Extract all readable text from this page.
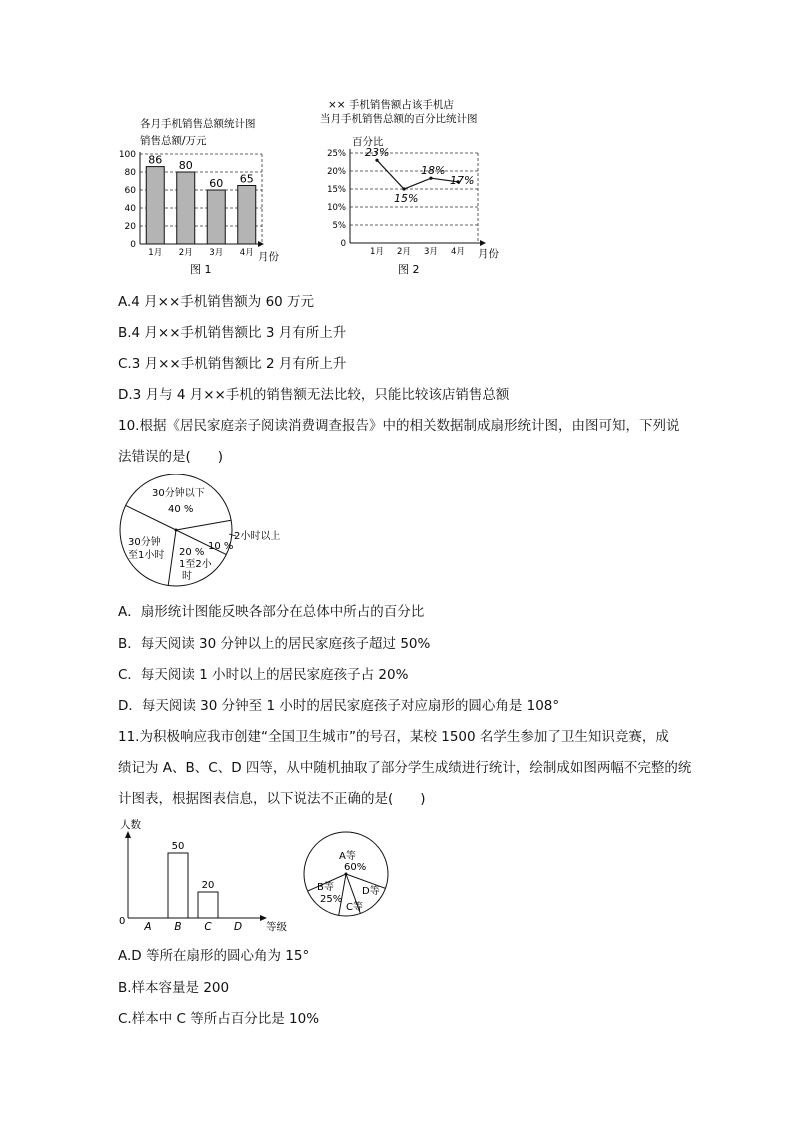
各月手机销售总额统计图
销售总额/万元
0
20
40
60
80
100 86 80
60 65
1月 2月 3月 4月 月份
图 1
×× 手机销售额占该手机店
当月手机销售总额的百分比统计图
百分比
0
5%
10%
15%
20%
25% 23%
15%
18%
17%
1月 2月 3月 4月 月份
图 2
A.4 月××手机销售额为 60 万元
B.4 月××手机销售额比 3 月有所上升
C.3 月××手机销售额比 2 月有所上升
D.3 月与 4 月××手机的销售额无法比较，只能比较该店销售总额
10.根据《居民家庭亲子阅读消费调查报告》中的相关数据制成扇形统计图，由图可知，下列说
法错误的是(　　)
30分钟以下
40 %
2小时以上
10 %
20 %
1至2小
时
30分钟
至1小时
A．扇形统计图能反映各部分在总体中所占的百分比
B．每天阅读 30 分钟以上的居民家庭孩子超过 50%
C．每天阅读 1 小时以上的居民家庭孩子占 20%
D．每天阅读 30 分钟至 1 小时的居民家庭孩子对应扇形的圆心角是 108°
11.为积极响应我市创建“全国卫生城市”的号召，某校 1500 名学生参加了卫生知识竞赛，成
绩记为 A、B、C、D 四等，从中随机抽取了部分学生成绩进行统计，绘制成如图两幅不完整的统
计图表，根据图表信息，以下说法不正确的是(　　)
人数
0
50
20
A B C D 等级
A等
60%
B等
25%
C等
D等
A.D 等所在扇形的圆心角为 15°
B.样本容量是 200
C.样本中 C 等所占百分比是 10%
